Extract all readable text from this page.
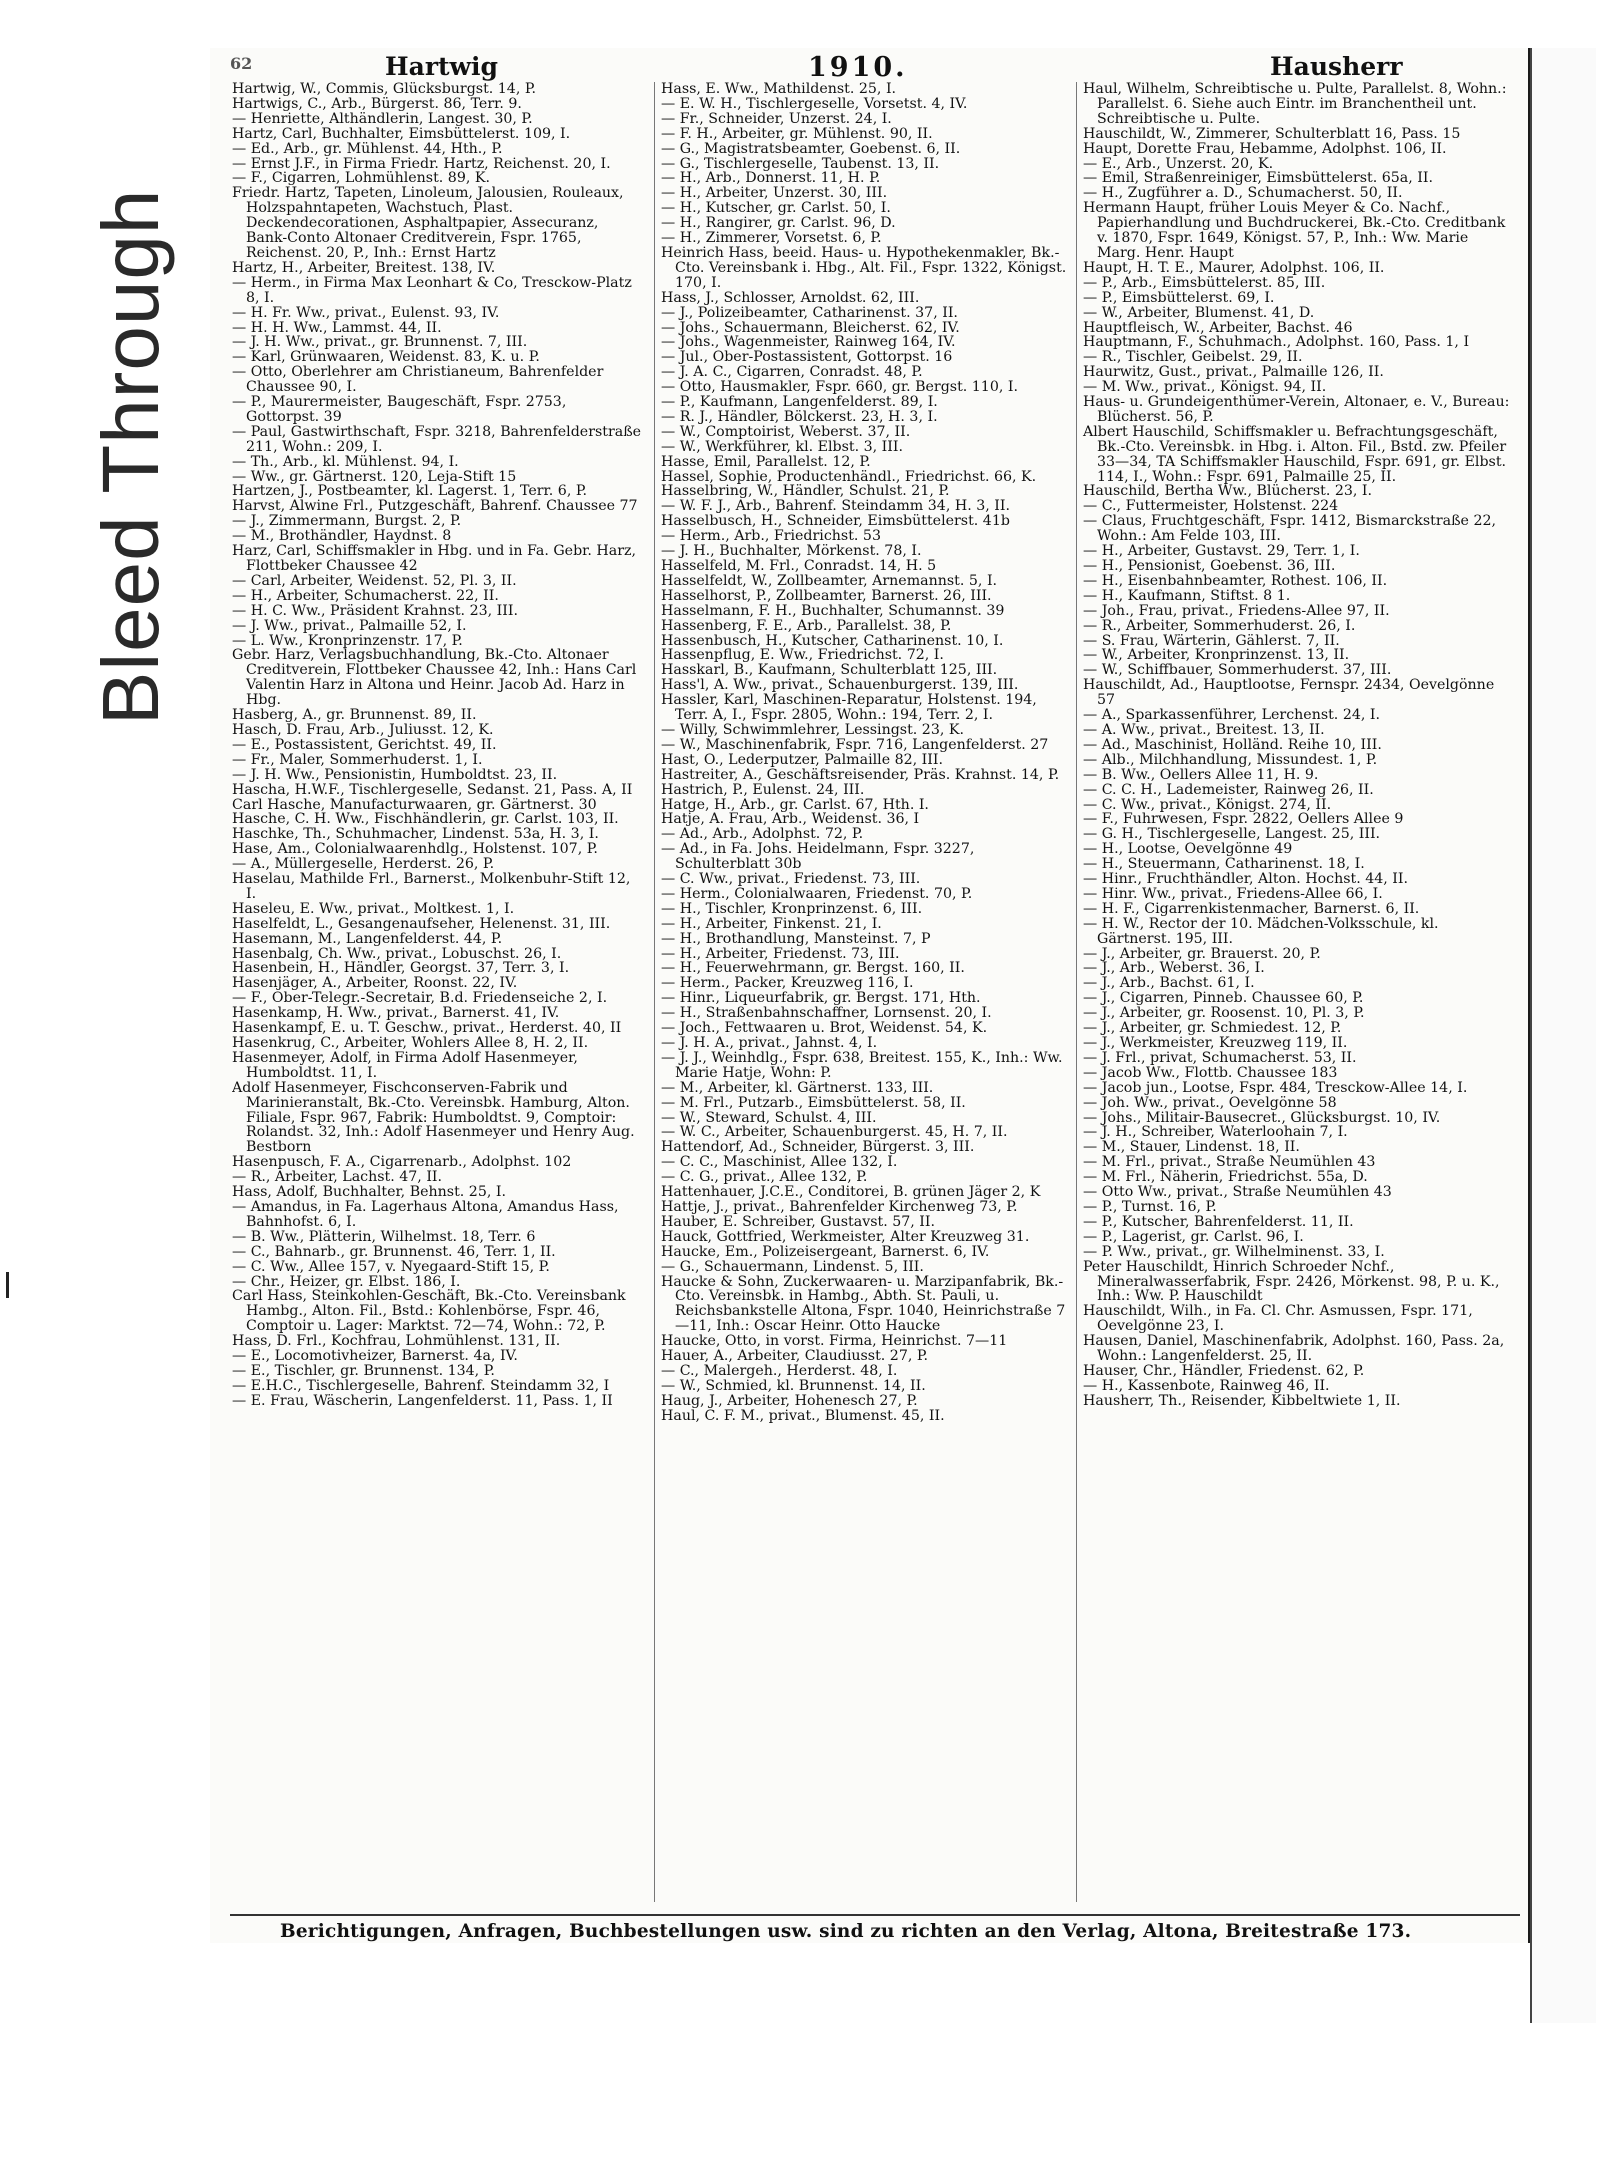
Bleed Through
62	Hartwig	1910.	Hausherr

Hartwig, W., Commis, Glücksburgst. 14, P.

Hartwigs, C., Arb., Bürgerst. 86, Terr. 9.

— Henriette, Althändlerin, Langest. 30, P.

Hartz, Carl, Buchhalter, Eimsbüttelerst. 109, I.

— Ed., Arb., gr. Mühlenst. 44, Hth., P.

— Ernst J.F., in Firma Friedr. Hartz, Reichenst. 20, I.

— F., Cigarren, Lohmühlenst. 89, K.

Friedr. Hartz, Tapeten, Linoleum, Jalousien, Rouleaux, Holzspahntapeten, Wachstuch, Plast. Deckendecorationen, Asphaltpapier, Assecuranz, Bank-Conto Altonaer Creditverein, Fspr. 1765, Reichenst. 20, P., Inh.: Ernst Hartz

Hartz, H., Arbeiter, Breitest. 138, IV.

— Herm., in Firma Max Leonhart & Co, Tresckow-Platz 8, I.

— H. Fr. Ww., privat., Eulenst. 93, IV.

— H. H. Ww., Lammst. 44, II.

— J. H. Ww., privat., gr. Brunnenst. 7, III.

— Karl, Grünwaaren, Weidenst. 83, K. u. P.

— Otto, Oberlehrer am Christianeum, Bahrenfelder Chaussee 90, I.

— P., Maurermeister, Baugeschäft, Fspr. 2753, Gottorpst. 39

— Paul, Gastwirthschaft, Fspr. 3218, Bahrenfelderstraße 211, Wohn.: 209, I.

— Th., Arb., kl. Mühlenst. 94, I.

— Ww., gr. Gärtnerst. 120, Leja-Stift 15

Hartzen, J., Postbeamter, kl. Lagerst. 1, Terr. 6, P.

Harvst, Alwine Frl., Putzgeschäft, Bahrenf. Chaussee 77

— J., Zimmermann, Burgst. 2, P.

— M., Brothändler, Haydnst. 8

Harz, Carl, Schiffsmakler in Hbg. und in Fa. Gebr. Harz, Flottbeker Chaussee 42

— Carl, Arbeiter, Weidenst. 52, Pl. 3, II.

— H., Arbeiter, Schumacherst. 22, II.

— H. C. Ww., Präsident Krahnst. 23, III.

— J. Ww., privat., Palmaille 52, I.

— L. Ww., Kronprinzenstr. 17, P.

Gebr. Harz, Verlagsbuchhandlung, Bk.-Cto. Altonaer Creditverein, Flottbeker Chaussee 42, Inh.: Hans Carl Valentin Harz in Altona und Heinr. Jacob Ad. Harz in Hbg.

Hasberg, A., gr. Brunnenst. 89, II.

Hasch, D. Frau, Arb., Juliusst. 12, K.

— E., Postassistent, Gerichtst. 49, II.

— Fr., Maler, Sommerhuderst. 1, I.

— J. H. Ww., Pensionistin, Humboldtst. 23, II.

Hascha, H.W.F., Tischlergeselle, Sedanst. 21, Pass. A, II

Carl Hasche, Manufacturwaaren, gr. Gärtnerst. 30

Hasche, C. H. Ww., Fischhändlerin, gr. Carlst. 103, II.

Haschke, Th., Schuhmacher, Lindenst. 53a, H. 3, I.

Hase, Am., Colonialwaarenhdlg., Holstenst. 107, P.

— A., Müllergeselle, Herderst. 26, P.

Haselau, Mathilde Frl., Barnerst., Molkenbuhr-Stift 12, I.

Haseleu, E. Ww., privat., Moltkest. 1, I.

Haselfeldt, L., Gesangenaufseher, Helenenst. 31, III.

Hasemann, M., Langenfelderst. 44, P.

Hasenbalg, Ch. Ww., privat., Lobuschst. 26, I.

Hasenbein, H., Händler, Georgst. 37, Terr. 3, I.

Hasenjäger, A., Arbeiter, Roonst. 22, IV.

— F., Ober-Telegr.-Secretair, B.d. Friedenseiche 2, I.

Hasenkamp, H. Ww., privat., Barnerst. 41, IV.

Hasenkampf, E. u. T. Geschw., privat., Herderst. 40, II

Hasenkrug, C., Arbeiter, Wohlers Allee 8, H. 2, II.

Hasenmeyer, Adolf, in Firma Adolf Hasenmeyer, Humboldtst. 11, I.

Adolf Hasenmeyer, Fischconserven-Fabrik und Marinieranstalt, Bk.-Cto. Vereinsbk. Hamburg, Alton. Filiale, Fspr. 967, Fabrik: Humboldtst. 9, Comptoir: Rolandst. 32, Inh.: Adolf Hasenmeyer und Henry Aug. Bestborn

Hasenpusch, F. A., Cigarrenarb., Adolphst. 102

— R., Arbeiter, Lachst. 47, II.

Hass, Adolf, Buchhalter, Behnst. 25, I.

— Amandus, in Fa. Lagerhaus Altona, Amandus Hass, Bahnhofst. 6, I.

— B. Ww., Plätterin, Wilhelmst. 18, Terr. 6

— C., Bahnarb., gr. Brunnenst. 46, Terr. 1, II.

— C. Ww., Allee 157, v. Nyegaard-Stift 15, P.

— Chr., Heizer, gr. Elbst. 186, I.

Carl Hass, Steinkohlen-Geschäft, Bk.-Cto. Vereinsbank Hambg., Alton. Fil., Bstd.: Kohlenbörse, Fspr. 46, Comptoir u. Lager: Marktst. 72—74, Wohn.: 72, P.

Hass, D. Frl., Kochfrau, Lohmühlenst. 131, II.

— E., Locomotivheizer, Barnerst. 4a, IV.

— E., Tischler, gr. Brunnenst. 134, P.

— E.H.C., Tischlergeselle, Bahrenf. Steindamm 32, I

— E. Frau, Wäscherin, Langenfelderst. 11, Pass. 1, II

Hass, E. Ww., Mathildenst. 25, I.

— E. W. H., Tischlergeselle, Vorsetst. 4, IV.

— Fr., Schneider, Unzerst. 24, I.

— F. H., Arbeiter, gr. Mühlenst. 90, II.

— G., Magistratsbeamter, Goebenst. 6, II.

— G., Tischlergeselle, Taubenst. 13, II.

— H., Arb., Donnerst. 11, H. P.

— H., Arbeiter, Unzerst. 30, III.

— H., Kutscher, gr. Carlst. 50, I.

— H., Rangirer, gr. Carlst. 96, D.

— H., Zimmerer, Vorsetst. 6, P.

Heinrich Hass, beeid. Haus- u. Hypothekenmakler, Bk.-Cto. Vereinsbank i. Hbg., Alt. Fil., Fspr. 1322, Königst. 170, I.

Hass, J., Schlosser, Arnoldst. 62, III.

— J., Polizeibeamter, Catharinenst. 37, II.

— Johs., Schauermann, Bleicherst. 62, IV.

— Johs., Wagenmeister, Rainweg 164, IV.

— Jul., Ober-Postassistent, Gottorpst. 16

— J. A. C., Cigarren, Conradst. 48, P.

— Otto, Hausmakler, Fspr. 660, gr. Bergst. 110, I.

— P., Kaufmann, Langenfelderst. 89, I.

— R. J., Händler, Bölckerst. 23, H. 3, I.

— W., Comptoirist, Weberst. 37, II.

— W., Werkführer, kl. Elbst. 3, III.

Hasse, Emil, Parallelst. 12, P.

Hassel, Sophie, Productenhändl., Friedrichst. 66, K.

Hasselbring, W., Händler, Schulst. 21, P.

— W. F. J., Arb., Bahrenf. Steindamm 34, H. 3, II.

Hasselbusch, H., Schneider, Eimsbüttelerst. 41b

— Herm., Arb., Friedrichst. 53

— J. H., Buchhalter, Mörkenst. 78, I.

Hasselfeld, M. Frl., Conradst. 14, H. 5

Hasselfeldt, W., Zollbeamter, Arnemannst. 5, I.

Hasselhorst, P., Zollbeamter, Barnerst. 26, III.

Hasselmann, F. H., Buchhalter, Schumannst. 39

Hassenberg, F. E., Arb., Parallelst. 38, P.

Hassenbusch, H., Kutscher, Catharinenst. 10, I.

Hassenpflug, E. Ww., Friedrichst. 72, I.

Hasskarl, B., Kaufmann, Schulterblatt 125, III.

Hass'l, A. Ww., privat., Schauenburgerst. 139, III.

Hassler, Karl, Maschinen-Reparatur, Holstenst. 194, Terr. A, I., Fspr. 2805, Wohn.: 194, Terr. 2, I.

— Willy, Schwimmlehrer, Lessingst. 23, K.

— W., Maschinenfabrik, Fspr. 716, Langenfelderst. 27

Hast, O., Lederputzer, Palmaille 82, III.

Hastreiter, A., Geschäftsreisender, Präs. Krahnst. 14, P.

Hastrich, P., Eulenst. 24, III.

Hatge, H., Arb., gr. Carlst. 67, Hth. I.

Hatje, A. Frau, Arb., Weidenst. 36, I

— Ad., Arb., Adolphst. 72, P.

— Ad., in Fa. Johs. Heidelmann, Fspr. 3227, Schulterblatt 30b

— C. Ww., privat., Friedenst. 73, III.

— Herm., Colonialwaaren, Friedenst. 70, P.

— H., Tischler, Kronprinzenst. 6, III.

— H., Arbeiter, Finkenst. 21, I.

— H., Brothandlung, Mansteinst. 7, P

— H., Arbeiter, Friedenst. 73, III.

— H., Feuerwehrmann, gr. Bergst. 160, II.

— Herm., Packer, Kreuzweg 116, I.

— Hinr., Liqueurfabrik, gr. Bergst. 171, Hth.

— H., Straßenbahnschaffner, Lornsenst. 20, I.

— Joch., Fettwaaren u. Brot, Weidenst. 54, K.

— J. H. A., privat., Jahnst. 4, I.

— J. J., Weinhdlg., Fspr. 638, Breitest. 155, K., Inh.: Ww. Marie Hatje, Wohn: P.

— M., Arbeiter, kl. Gärtnerst. 133, III.

— M. Frl., Putzarb., Eimsbüttelerst. 58, II.

— W., Steward, Schulst. 4, III.

— W. C., Arbeiter, Schauenburgerst. 45, H. 7, II.

Hattendorf, Ad., Schneider, Bürgerst. 3, III.

— C. C., Maschinist, Allee 132, I.

— C. G., privat., Allee 132, P.

Hattenhauer, J.C.E., Conditorei, B. grünen Jäger 2, K

Hattje, J., privat., Bahrenfelder Kirchenweg 73, P.

Hauber, E. Schreiber, Gustavst. 57, II.

Hauck, Gottfried, Werkmeister, Alter Kreuzweg 31.

Haucke, Em., Polizeisergeant, Barnerst. 6, IV.

— G., Schauermann, Lindenst. 5, III.

Haucke & Sohn, Zuckerwaaren- u. Marzipanfabrik, Bk.-Cto. Vereinsbk. in Hambg., Abth. St. Pauli, u. Reichsbankstelle Altona, Fspr. 1040, Heinrichstraße 7—11, Inh.: Oscar Heinr. Otto Haucke

Haucke, Otto, in vorst. Firma, Heinrichst. 7—11

Hauer, A., Arbeiter, Claudiusst. 27, P.

— C., Malergeh., Herderst. 48, I.

— W., Schmied, kl. Brunnenst. 14, II.

Haug, J., Arbeiter, Hohenesch 27, P.

Haul, C. F. M., privat., Blumenst. 45, II.

Haul, Wilhelm, Schreibtische u. Pulte, Parallelst. 8, Wohn.: Parallelst. 6. Siehe auch Eintr. im Branchentheil unt. Schreibtische u. Pulte.

Hauschildt, W., Zimmerer, Schulterblatt 16, Pass. 15

Haupt, Dorette Frau, Hebamme, Adolphst. 106, II.

— E., Arb., Unzerst. 20, K.

— Emil, Straßenreiniger, Eimsbüttelerst. 65a, II.

— H., Zugführer a. D., Schumacherst. 50, II.

Hermann Haupt, früher Louis Meyer & Co. Nachf., Papierhandlung und Buchdruckerei, Bk.-Cto. Creditbank v. 1870, Fspr. 1649, Königst. 57, P., Inh.: Ww. Marie Marg. Henr. Haupt

Haupt, H. T. E., Maurer, Adolphst. 106, II.

— P., Arb., Eimsbüttelerst. 85, III.

— P., Eimsbüttelerst. 69, I.

— W., Arbeiter, Blumenst. 41, D.

Hauptfleisch, W., Arbeiter, Bachst. 46

Hauptmann, F., Schuhmach., Adolphst. 160, Pass. 1, I

— R., Tischler, Geibelst. 29, II.

Haurwitz, Gust., privat., Palmaille 126, II.

— M. Ww., privat., Königst. 94, II.

Haus- u. Grundeigenthümer-Verein, Altonaer, e. V., Bureau: Blücherst. 56, P.

Albert Hauschild, Schiffsmakler u. Befrachtungsgeschäft, Bk.-Cto. Vereinsbk. in Hbg. i. Alton. Fil., Bstd. zw. Pfeiler 33—34, TA Schiffsmakler Hauschild, Fspr. 691, gr. Elbst. 114, I., Wohn.: Fspr. 691, Palmaille 25, II.

Hauschild, Bertha Ww., Blücherst. 23, I.

— C., Futtermeister, Holstenst. 224

— Claus, Fruchtgeschäft, Fspr. 1412, Bismarckstraße 22, Wohn.: Am Felde 103, III.

— H., Arbeiter, Gustavst. 29, Terr. 1, I.

— H., Pensionist, Goebenst. 36, III.

— H., Eisenbahnbeamter, Rothest. 106, II.

— H., Kaufmann, Stiftst. 8 1.

— Joh., Frau, privat., Friedens-Allee 97, II.

— R., Arbeiter, Sommerhuderst. 26, I.

— S. Frau, Wärterin, Gählerst. 7, II.

— W., Arbeiter, Kronprinzenst. 13, II.

— W., Schiffbauer, Sommerhuderst. 37, III.

Hauschildt, Ad., Hauptlootse, Fernspr. 2434, Oevelgönne 57

— A., Sparkassenführer, Lerchenst. 24, I.

— A. Ww., privat., Breitest. 13, II.

— Ad., Maschinist, Holländ. Reihe 10, III.

— Alb., Milchhandlung, Missundest. 1, P.

— B. Ww., Oellers Allee 11, H. 9.

— C. C. H., Lademeister, Rainweg 26, II.

— C. Ww., privat., Königst. 274, II.

— F., Fuhrwesen, Fspr. 2822, Oellers Allee 9

— G. H., Tischlergeselle, Langest. 25, III.

— H., Lootse, Oevelgönne 49

— H., Steuermann, Catharinenst. 18, I.

— Hinr., Fruchthändler, Alton. Hochst. 44, II.

— Hinr. Ww., privat., Friedens-Allee 66, I.

— H. F., Cigarrenkistenmacher, Barnerst. 6, II.

— H. W., Rector der 10. Mädchen-Volksschule, kl. Gärtnerst. 195, III.

— J., Arbeiter, gr. Brauerst. 20, P.

— J., Arb., Weberst. 36, I.

— J., Arb., Bachst. 61, I.

— J., Cigarren, Pinneb. Chaussee 60, P.

— J., Arbeiter, gr. Roosenst. 10, Pl. 3, P.

— J., Arbeiter, gr. Schmiedest. 12, P.

— J., Werkmeister, Kreuzweg 119, II.

— J. Frl., privat, Schumacherst. 53, II.

— Jacob Ww., Flottb. Chaussee 183

— Jacob jun., Lootse, Fspr. 484, Tresckow-Allee 14, I.

— Joh. Ww., privat., Oevelgönne 58

— Johs., Militair-Bausecret., Glücksburgst. 10, IV.

— J. H., Schreiber, Waterloohain 7, I.

— M., Stauer, Lindenst. 18, II.

— M. Frl., privat., Straße Neumühlen 43

— M. Frl., Näherin, Friedrichst. 55a, D.

— Otto Ww., privat., Straße Neumühlen 43

— P., Turnst. 16, P.

— P., Kutscher, Bahrenfelderst. 11, II.

— P., Lagerist, gr. Carlst. 96, I.

— P. Ww., privat., gr. Wilhelminenst. 33, I.

Peter Hauschildt, Hinrich Schroeder Nchf., Mineralwasserfabrik, Fspr. 2426, Mörkenst. 98, P. u. K., Inh.: Ww. P. Hauschildt

Hauschildt, Wilh., in Fa. Cl. Chr. Asmussen, Fspr. 171, Oevelgönne 23, I.

Hausen, Daniel, Maschinenfabrik, Adolphst. 160, Pass. 2a, Wohn.: Langenfelderst. 25, II.

Hauser, Chr., Händler, Friedenst. 62, P.

— H., Kassenbote, Rainweg 46, II.

Hausherr, Th., Reisender, Kibbeltwiete 1, II.

Berichtigungen, Anfragen, Buchbestellungen usw. sind zu richten an den Verlag, Altona, Breitestraße 173.
